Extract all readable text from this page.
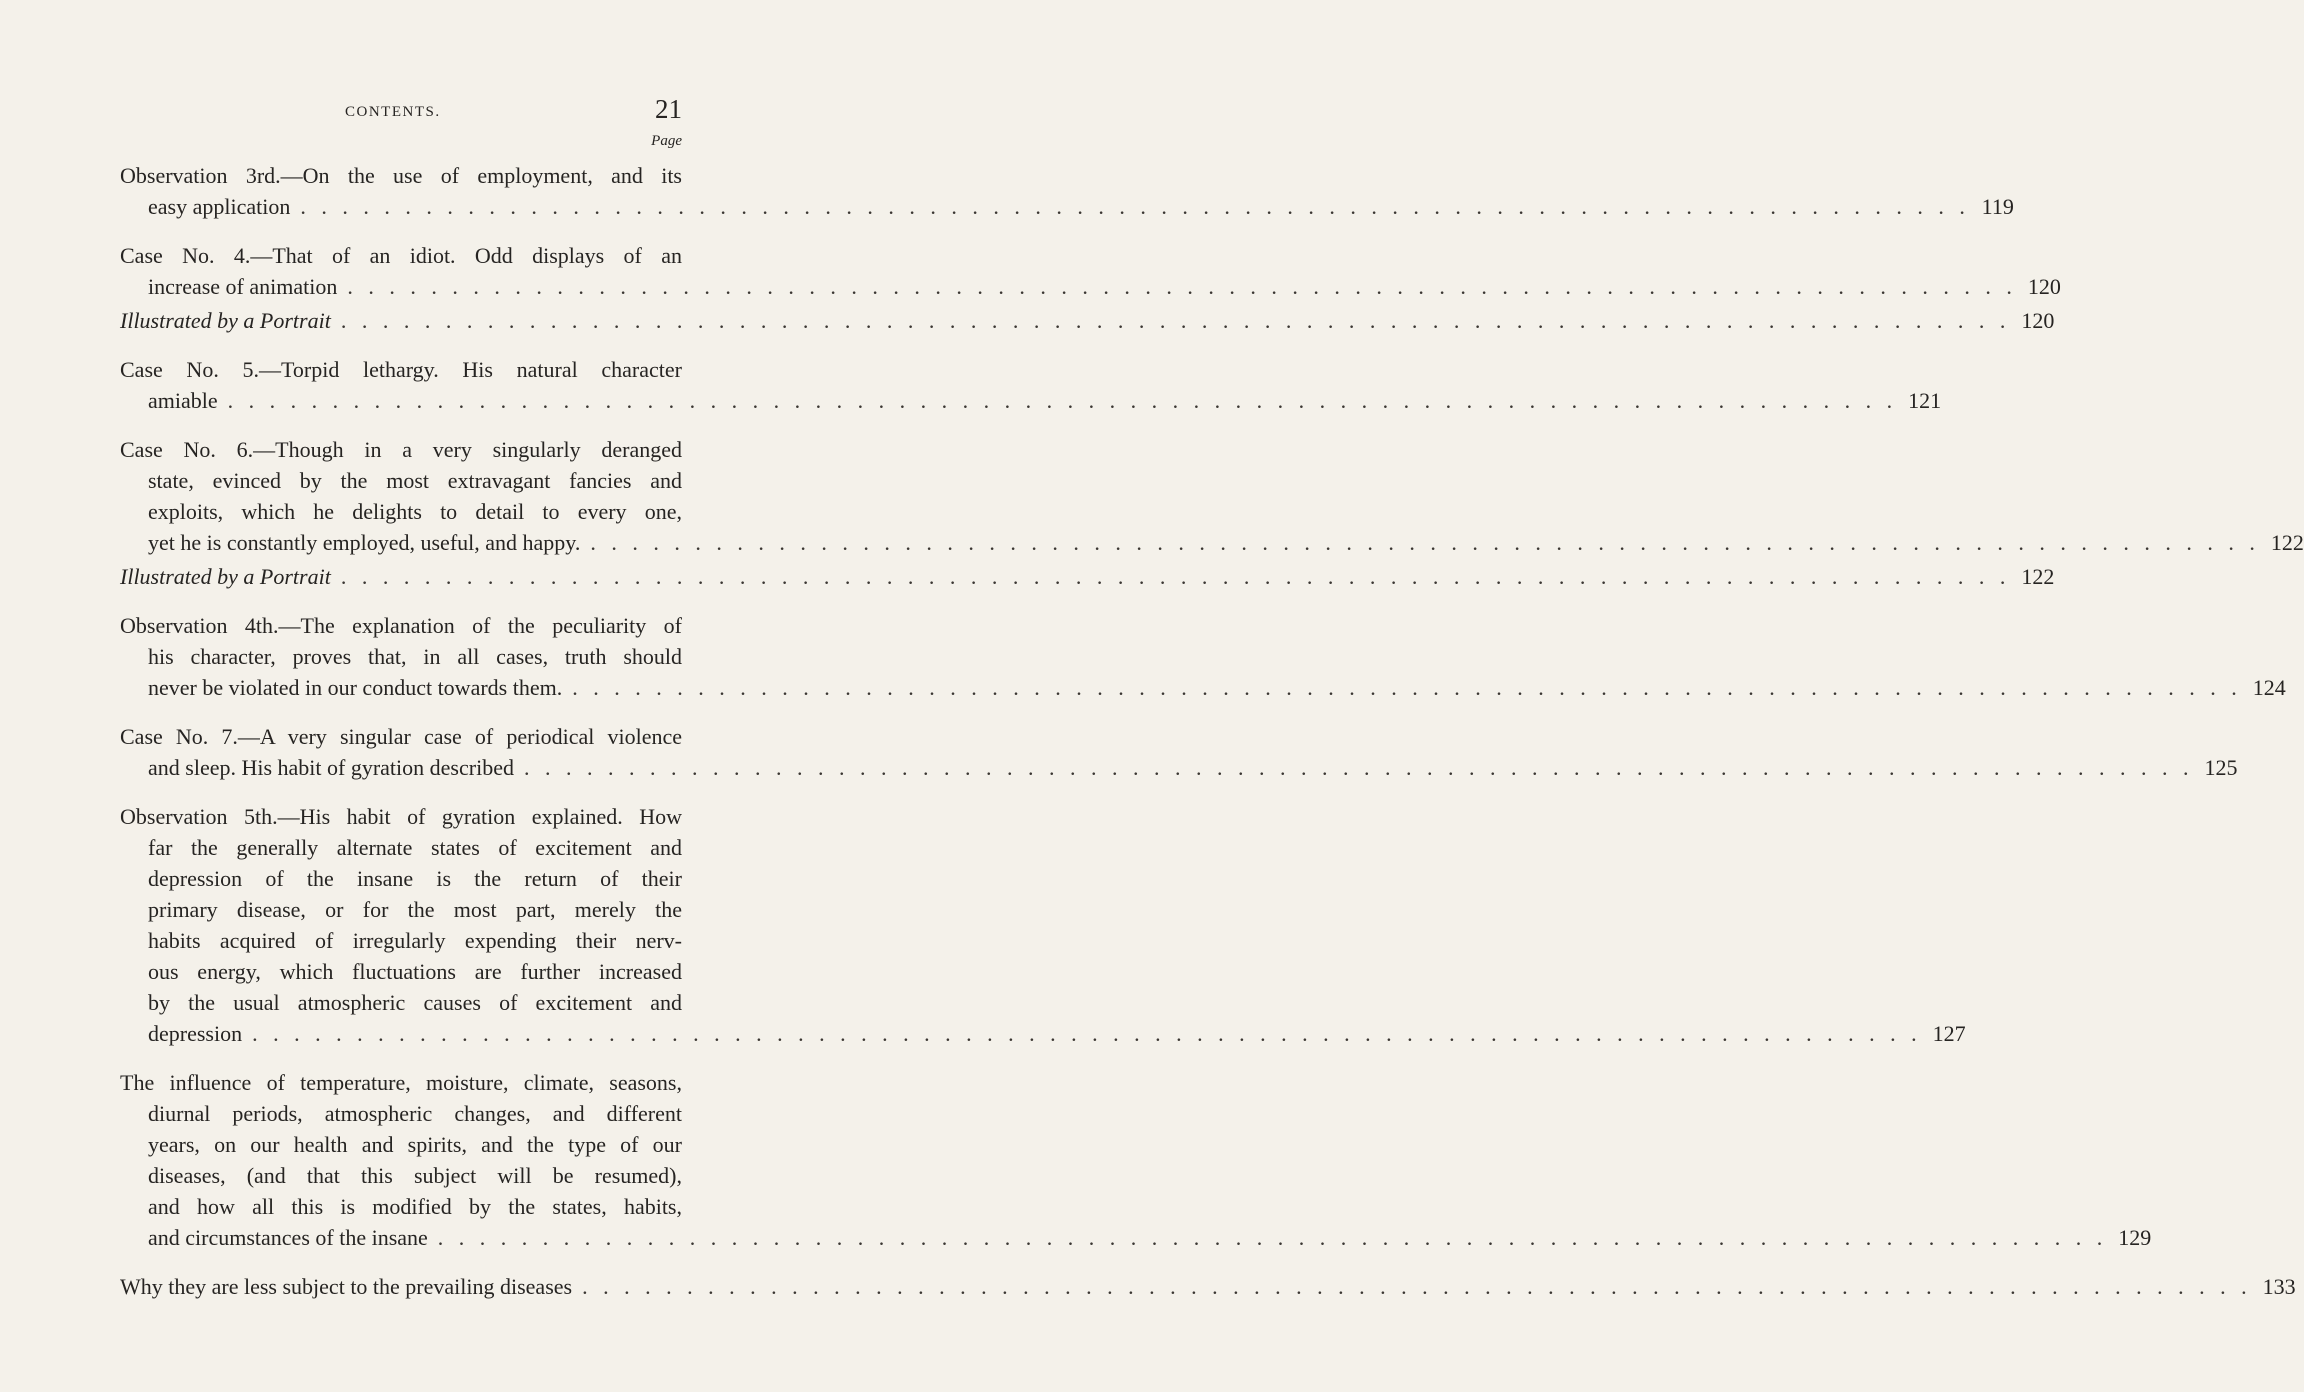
CONTENTS.	21
Page
Observation 3rd.—On the use of employment, and its
easy application . . . . . . . . . . . . . . . . . . . . . . . . . . . . . . . . . . . . . . . . . . . . . . . . . . . . . . . . . . . . . . . . . . . . . . . . . . . . . . . . 119
Case No. 4.—That of an idiot. Odd displays of an
increase of animation . . . . . . . . . . . . . . . . . . . . . . . . . . . . . . . . . . . . . . . . . . . . . . . . . . . . . . . . . . . . . . . . . . . . . . . . . . . . . . . . 120
Illustrated by a Portrait . . . . . . . . . . . . . . . . . . . . . . . . . . . . . . . . . . . . . . . . . . . . . . . . . . . . . . . . . . . . . . . . . . . . . . . . . . . . . . . . 120
Case No. 5.—Torpid lethargy. His natural character
amiable . . . . . . . . . . . . . . . . . . . . . . . . . . . . . . . . . . . . . . . . . . . . . . . . . . . . . . . . . . . . . . . . . . . . . . . . . . . . . . . . 121
Case No. 6.—Though in a very singularly deranged
state, evinced by the most extravagant fancies and
exploits, which he delights to detail to every one,
yet he is constantly employed, useful, and happy. . . . . . . . . . . . . . . . . . . . . . . . . . . . . . . . . . . . . . . . . . . . . . . . . . . . . . . . . . . . . . . . . . . . . . . . . . . . . . . . . 122
Illustrated by a Portrait . . . . . . . . . . . . . . . . . . . . . . . . . . . . . . . . . . . . . . . . . . . . . . . . . . . . . . . . . . . . . . . . . . . . . . . . . . . . . . . . 122
Observation 4th.—The explanation of the peculiarity of
his character, proves that, in all cases, truth should
never be violated in our conduct towards them. . . . . . . . . . . . . . . . . . . . . . . . . . . . . . . . . . . . . . . . . . . . . . . . . . . . . . . . . . . . . . . . . . . . . . . . . . . . . . . . . 124
Case No. 7.—A very singular case of periodical violence
and sleep. His habit of gyration described . . . . . . . . . . . . . . . . . . . . . . . . . . . . . . . . . . . . . . . . . . . . . . . . . . . . . . . . . . . . . . . . . . . . . . . . . . . . . . . . 125
Observation 5th.—His habit of gyration explained. How
far the generally alternate states of excitement and
depression of the insane is the return of their
primary disease, or for the most part, merely the
habits acquired of irregularly expending their nerv-
ous energy, which fluctuations are further increased
by the usual atmospheric causes of excitement and
depression . . . . . . . . . . . . . . . . . . . . . . . . . . . . . . . . . . . . . . . . . . . . . . . . . . . . . . . . . . . . . . . . . . . . . . . . . . . . . . . . 127
The influence of temperature, moisture, climate, seasons,
diurnal periods, atmospheric changes, and different
years, on our health and spirits, and the type of our
diseases, (and that this subject will be resumed),
and how all this is modified by the states, habits,
and circumstances of the insane . . . . . . . . . . . . . . . . . . . . . . . . . . . . . . . . . . . . . . . . . . . . . . . . . . . . . . . . . . . . . . . . . . . . . . . . . . . . . . . . 129
Why they are less subject to the prevailing diseases . . . . . . . . . . . . . . . . . . . . . . . . . . . . . . . . . . . . . . . . . . . . . . . . . . . . . . . . . . . . . . . . . . . . . . . . . . . . . . . . 133
